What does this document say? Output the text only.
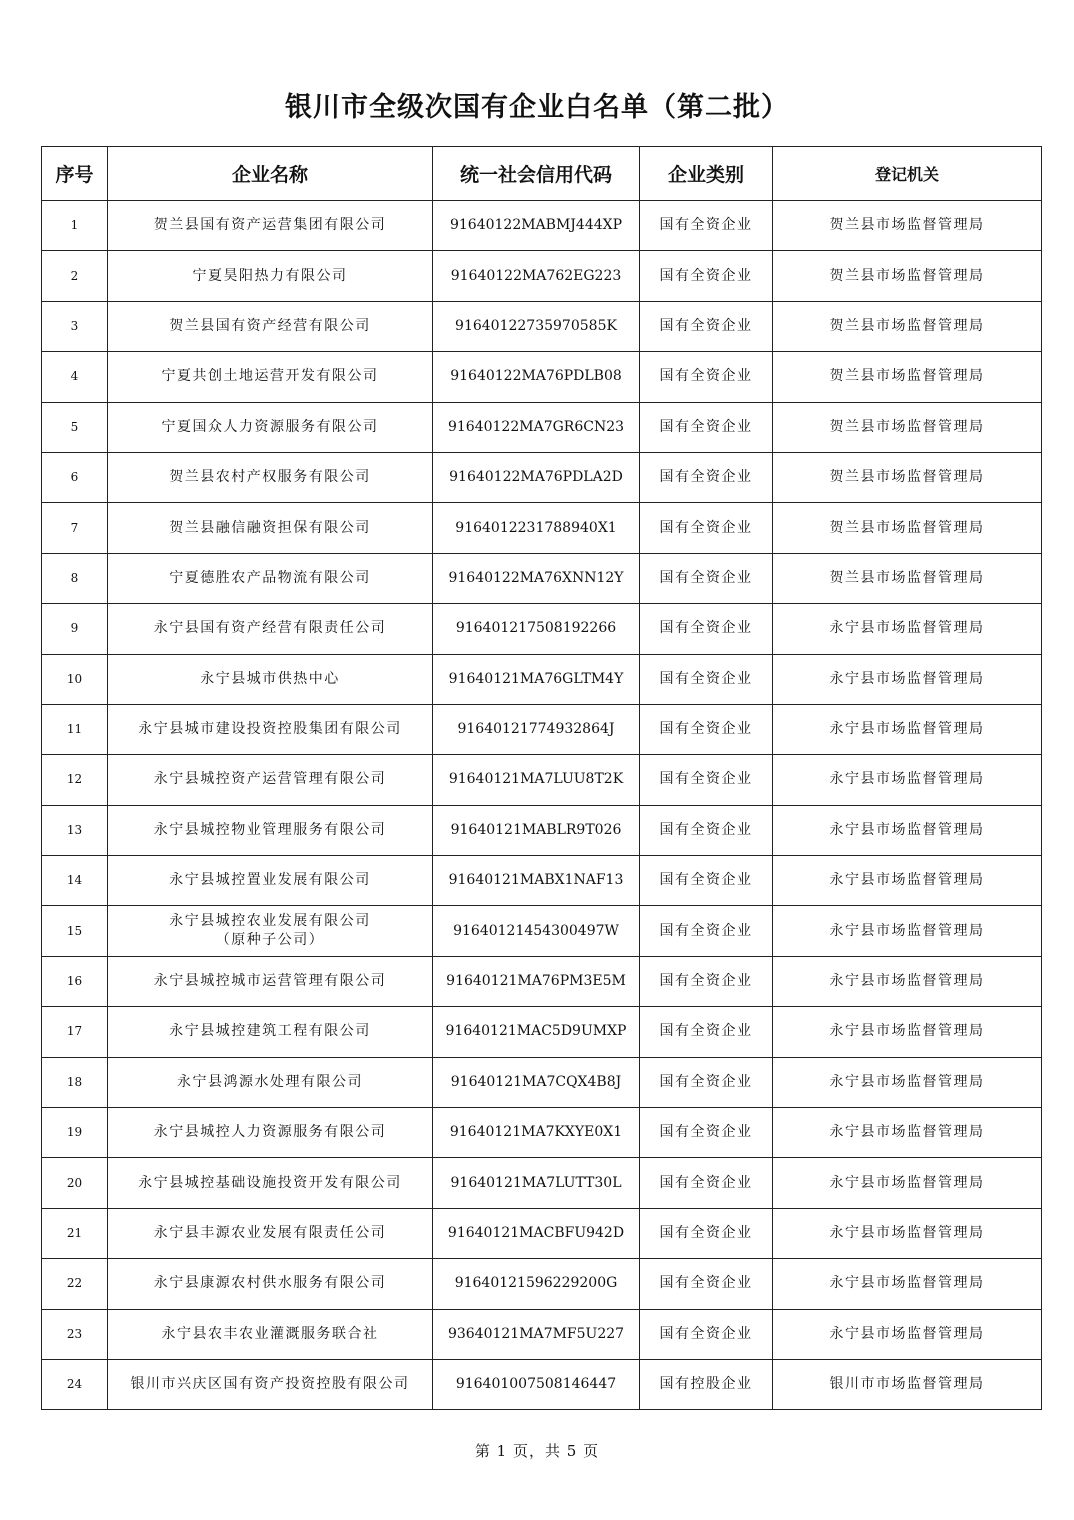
银川市全级次国有企业白名单（第二批）
序号	企业名称	统一社会信用代码	企业类别	登记机关
1	贺兰县国有资产运营集团有限公司	91640122MABMJ444XP	国有全资企业	贺兰县市场监督管理局
2	宁夏昊阳热力有限公司	91640122MA762EG223	国有全资企业	贺兰县市场监督管理局
3	贺兰县国有资产经营有限公司	91640122735970585K	国有全资企业	贺兰县市场监督管理局
4	宁夏共创土地运营开发有限公司	91640122MA76PDLB08	国有全资企业	贺兰县市场监督管理局
5	宁夏国众人力资源服务有限公司	91640122MA7GR6CN23	国有全资企业	贺兰县市场监督管理局
6	贺兰县农村产权服务有限公司	91640122MA76PDLA2D	国有全资企业	贺兰县市场监督管理局
7	贺兰县融信融资担保有限公司	9164012231788940X1	国有全资企业	贺兰县市场监督管理局
8	宁夏德胜农产品物流有限公司	91640122MA76XNN12Y	国有全资企业	贺兰县市场监督管理局
9	永宁县国有资产经营有限责任公司	916401217508192266	国有全资企业	永宁县市场监督管理局
10	永宁县城市供热中心	91640121MA76GLTM4Y	国有全资企业	永宁县市场监督管理局
11	永宁县城市建设投资控股集团有限公司	91640121774932864J	国有全资企业	永宁县市场监督管理局
12	永宁县城控资产运营管理有限公司	91640121MA7LUU8T2K	国有全资企业	永宁县市场监督管理局
13	永宁县城控物业管理服务有限公司	91640121MABLR9T026	国有全资企业	永宁县市场监督管理局
14	永宁县城控置业发展有限公司	91640121MABX1NAF13	国有全资企业	永宁县市场监督管理局
15	永宁县城控农业发展有限公司
（原种子公司）	91640121454300497W	国有全资企业	永宁县市场监督管理局
16	永宁县城控城市运营管理有限公司	91640121MA76PM3E5M	国有全资企业	永宁县市场监督管理局
17	永宁县城控建筑工程有限公司	91640121MAC5D9UMXP	国有全资企业	永宁县市场监督管理局
18	永宁县鸿源水处理有限公司	91640121MA7CQX4B8J	国有全资企业	永宁县市场监督管理局
19	永宁县城控人力资源服务有限公司	91640121MA7KXYE0X1	国有全资企业	永宁县市场监督管理局
20	永宁县城控基础设施投资开发有限公司	91640121MA7LUTT30L	国有全资企业	永宁县市场监督管理局
21	永宁县丰源农业发展有限责任公司	91640121MACBFU942D	国有全资企业	永宁县市场监督管理局
22	永宁县康源农村供水服务有限公司	91640121596229200G	国有全资企业	永宁县市场监督管理局
23	永宁县农丰农业灌溉服务联合社	93640121MA7MF5U227	国有全资企业	永宁县市场监督管理局
24	银川市兴庆区国有资产投资控股有限公司	916401007508146447	国有控股企业	银川市市场监督管理局
第 1 页，共 5 页
